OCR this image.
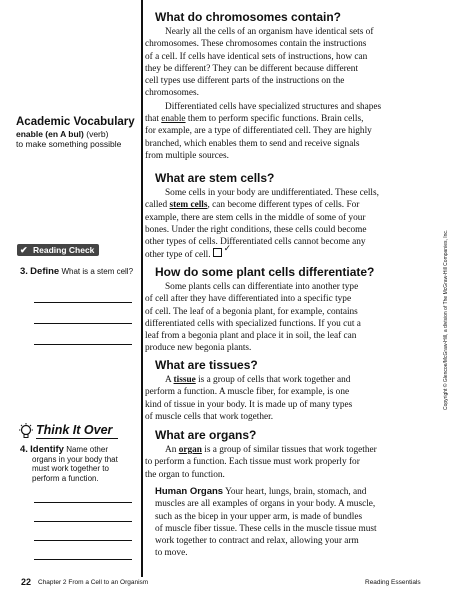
Academic Vocabulary
enable (en A bul) (verb)
to make something possible
✔ Reading Check
3. Define What is a stem cell?
Think It Over
4. Identify Name other
organs in your body that
must work together to
perform a function.
What do chromosomes contain?

Nearly all the cells of an organism have identical sets of
chromosomes. These chromosomes contain the instructions
of a cell. If cells have identical sets of instructions, how can
they be different? They can be different because different
cell types use different parts of the instructions on the
chromosomes.

Differentiated cells have specialized structures and shapes
that enable them to perform specific functions. Brain cells,
for example, are a type of differentiated cell. They are highly
branched, which enables them to send and receive signals
from multiple sources.

What are stem cells?

Some cells in your body are undifferentiated. These cells,
called stem cells, can become different types of cells. For
example, there are stem cells in the middle of some of your
bones. Under the right conditions, these cells could become
other types of cells. Differentiated cells cannot become any
other type of cell.✓

How do some plant cells differentiate?

Some plants cells can differentiate into another type
of cell after they have differentiated into a specific type
of cell. The leaf of a begonia plant, for example, contains
differentiated cells with specialized functions. If you cut a
leaf from a begonia plant and place it in soil, the leaf can
produce new begonia plants.

What are tissues?

A tissue is a group of cells that work together and
perform a function. A muscle fiber, for example, is one
kind of tissue in your body. It is made up of many types
of muscle cells that work together.

What are organs?

An organ is a group of similar tissues that work together
to perform a function. Each tissue must work properly for
the organ to function.

Human Organs Your heart, lungs, brain, stomach, and
muscles are all examples of organs in your body. A muscle,
such as the bicep in your upper arm, is made of bundles
of muscle fiber tissue. These cells in the muscle tissue must
work together to contract and relax, allowing your arm
to move.

Copyright © Glencoe/McGraw-Hill, a division of The McGraw-Hill Companies, Inc.
22 Chapter 2 From a Cell to an Organism	Reading Essentials
